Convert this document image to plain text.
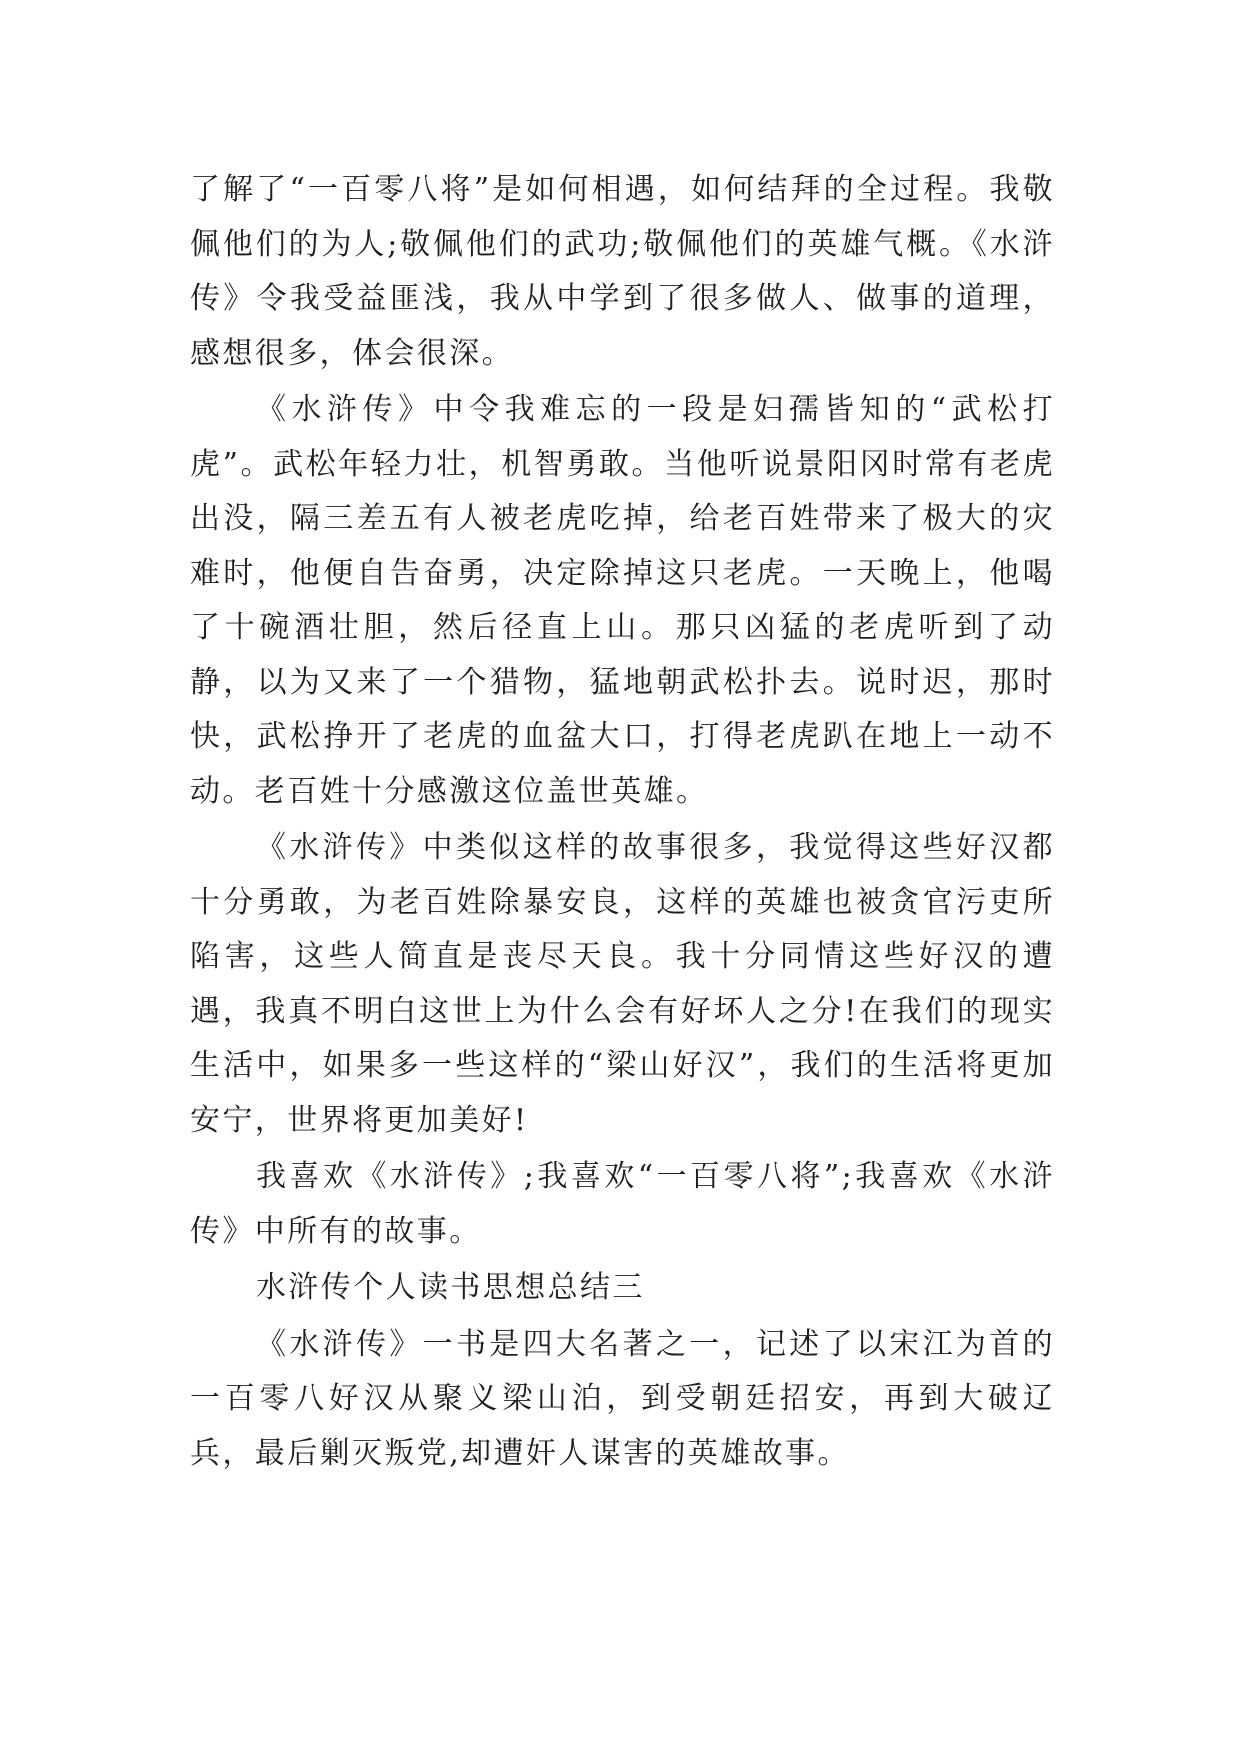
了解了“一百零八将”是如何相遇，如何结拜的全过程。我敬佩他们的为人;敬佩他们的武功;敬佩他们的英雄气概。《水浒传》令我受益匪浅，我从中学到了很多做人、做事的道理，感想很多，体会很深。

《水浒传》中令我难忘的一段是妇孺皆知的“武松打虎”。武松年轻力壮，机智勇敢。当他听说景阳冈时常有老虎出没，隔三差五有人被老虎吃掉，给老百姓带来了极大的灾难时，他便自告奋勇，决定除掉这只老虎。一天晚上，他喝了十碗酒壮胆，然后径直上山。那只凶猛的老虎听到了动静，以为又来了一个猎物，猛地朝武松扑去。说时迟，那时快，武松挣开了老虎的血盆大口，打得老虎趴在地上一动不动。老百姓十分感激这位盖世英雄。

《水浒传》中类似这样的故事很多，我觉得这些好汉都十分勇敢，为老百姓除暴安良，这样的英雄也被贪官污吏所陷害，这些人简直是丧尽天良。我十分同情这些好汉的遭遇，我真不明白这世上为什么会有好坏人之分!在我们的现实生活中，如果多一些这样的“梁山好汉”，我们的生活将更加安宁，世界将更加美好!

我喜欢《水浒传》;我喜欢“一百零八将”;我喜欢《水浒传》中所有的故事。

水浒传个人读书思想总结三

《水浒传》一书是四大名著之一，记述了以宋江为首的一百零八好汉从聚义梁山泊，到受朝廷招安，再到大破辽兵，最后剿灭叛党,却遭奸人谋害的英雄故事。
